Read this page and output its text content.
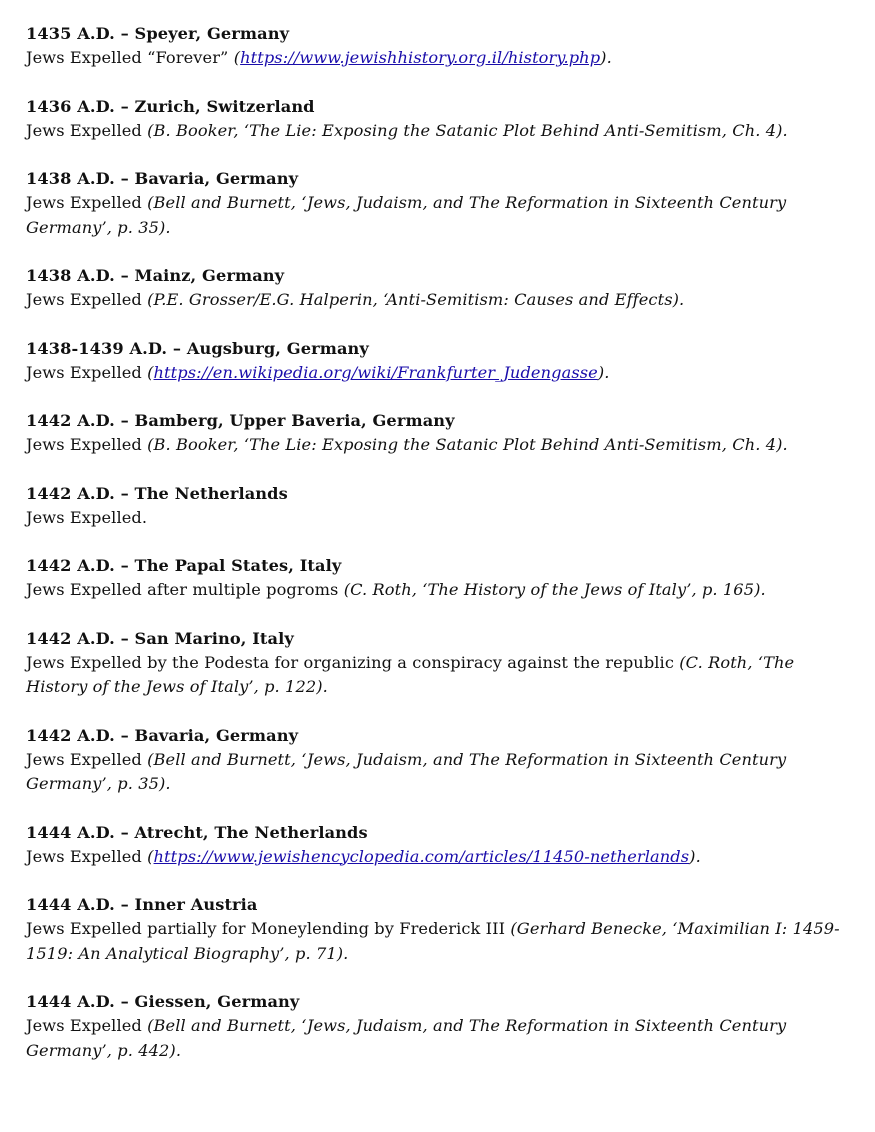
1435 A.D. – Speyer, Germany
Jews Expelled “Forever” (https://www.jewishhistory.org.il/history.php).
1436 A.D. – Zurich, Switzerland
Jews Expelled (B. Booker, ‘The Lie: Exposing the Satanic Plot Behind Anti-Semitism, Ch. 4).
1438 A.D. – Bavaria, Germany
Jews Expelled (Bell and Burnett, ‘Jews, Judaism, and The Reformation in Sixteenth Century Germany’, p. 35).
1438 A.D. – Mainz, Germany
Jews Expelled (P.E. Grosser/E.G. Halperin, ‘Anti-Semitism: Causes and Effects).
1438-1439 A.D. – Augsburg, Germany
Jews Expelled (https://en.wikipedia.org/wiki/Frankfurter_Judengasse).
1442 A.D. – Bamberg, Upper Baveria, Germany
Jews Expelled (B. Booker, ‘The Lie: Exposing the Satanic Plot Behind Anti-Semitism, Ch. 4).
1442 A.D. – The Netherlands
Jews Expelled.
1442 A.D. – The Papal States, Italy
Jews Expelled after multiple pogroms (C. Roth, ‘The History of the Jews of Italy’, p. 165).
1442 A.D. – San Marino, Italy
Jews Expelled by the Podesta for organizing a conspiracy against the republic (C. Roth, ‘The History of the Jews of Italy’, p. 122).
1442 A.D. – Bavaria, Germany
Jews Expelled (Bell and Burnett, ‘Jews, Judaism, and The Reformation in Sixteenth Century Germany’, p. 35).
1444 A.D. – Atrecht, The Netherlands
Jews Expelled (https://www.jewishencyclopedia.com/articles/11450-netherlands).
1444 A.D. – Inner Austria
Jews Expelled partially for Moneylending by Frederick III (Gerhard Benecke, ‘Maximilian I: 1459-1519: An Analytical Biography’, p. 71).
1444 A.D. – Giessen, Germany
Jews Expelled (Bell and Burnett, ‘Jews, Judaism, and The Reformation in Sixteenth Century Germany’, p. 442).
